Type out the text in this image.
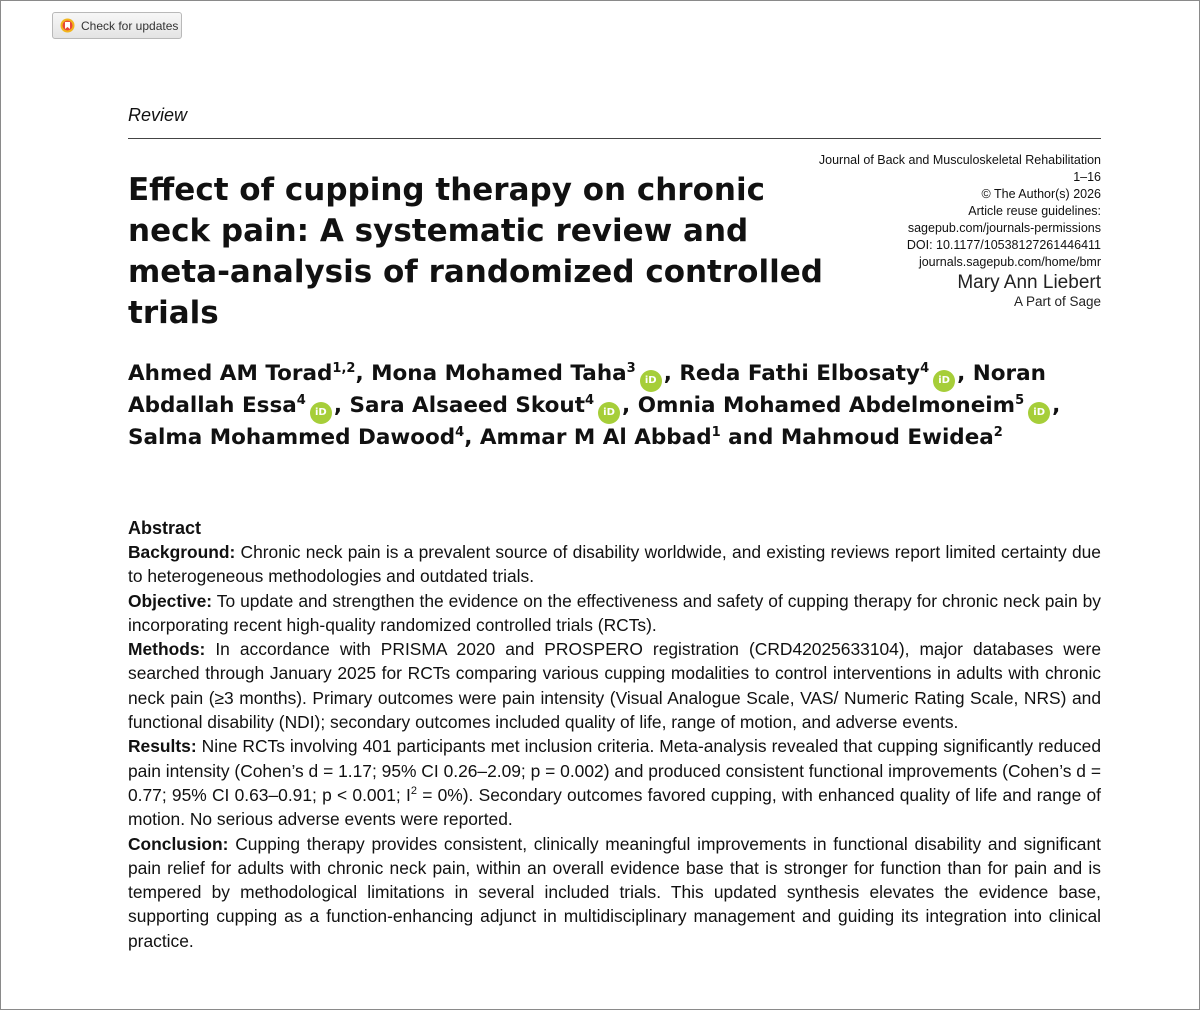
Check for updates
Review
Effect of cupping therapy on chronic neck pain: A systematic review and meta-analysis of randomized controlled trials
Journal of Back and Musculoskeletal Rehabilitation
1–16
© The Author(s) 2026
Article reuse guidelines:
sagepub.com/journals-permissions
DOI: 10.1177/10538127261446411
journals.sagepub.com/home/bmr
Mary Ann Liebert
A Part of Sage
Ahmed AM Torad$^{1,2}$, Mona Mohamed Taha$^3$iD , Reda Fathi Elbosaty$^4$iD , Noran Abdallah Essa$^4$iD , Sara Alsaeed Skout$^4$iD , Omnia Mohamed Abdelmoneim$^5$iD , Salma Mohammed Dawood$^4$, Ammar M Al Abbad$^1$ and Mahmoud Ewidea$^2$
Abstract

Background: Chronic neck pain is a prevalent source of disability worldwide, and existing reviews report limited certainty due to heterogeneous methodologies and outdated trials.

Objective: To update and strengthen the evidence on the effectiveness and safety of cupping therapy for chronic neck pain by incorporating recent high-quality randomized controlled trials (RCTs).

Methods: In accordance with PRISMA 2020 and PROSPERO registration (CRD42025633104), major databases were searched through January 2025 for RCTs comparing various cupping modalities to control interventions in adults with chronic neck pain (≥3 months). Primary outcomes were pain intensity (Visual Analogue Scale, VAS/ Numeric Rating Scale, NRS) and functional disability (NDI); secondary outcomes included quality of life, range of motion, and adverse events.

Results: Nine RCTs involving 401 participants met inclusion criteria. Meta-analysis revealed that cupping significantly reduced pain intensity (Cohen’s d = 1.17; 95% CI 0.26–2.09; p = 0.002) and produced consistent functional improvements (Cohen’s d = 0.77; 95% CI 0.63–0.91; p < 0.001; $I^2 = 0\%$). Secondary outcomes favored cupping, with enhanced quality of life and range of motion. No serious adverse events were reported.

Conclusion: Cupping therapy provides consistent, clinically meaningful improvements in functional disability and significant pain relief for adults with chronic neck pain, within an overall evidence base that is stronger for function than for pain and is tempered by methodological limitations in several included trials. This updated synthesis elevates the evidence base, supporting cupping as a function-enhancing adjunct in multidisciplinary management and guiding its integration into clinical practice.
